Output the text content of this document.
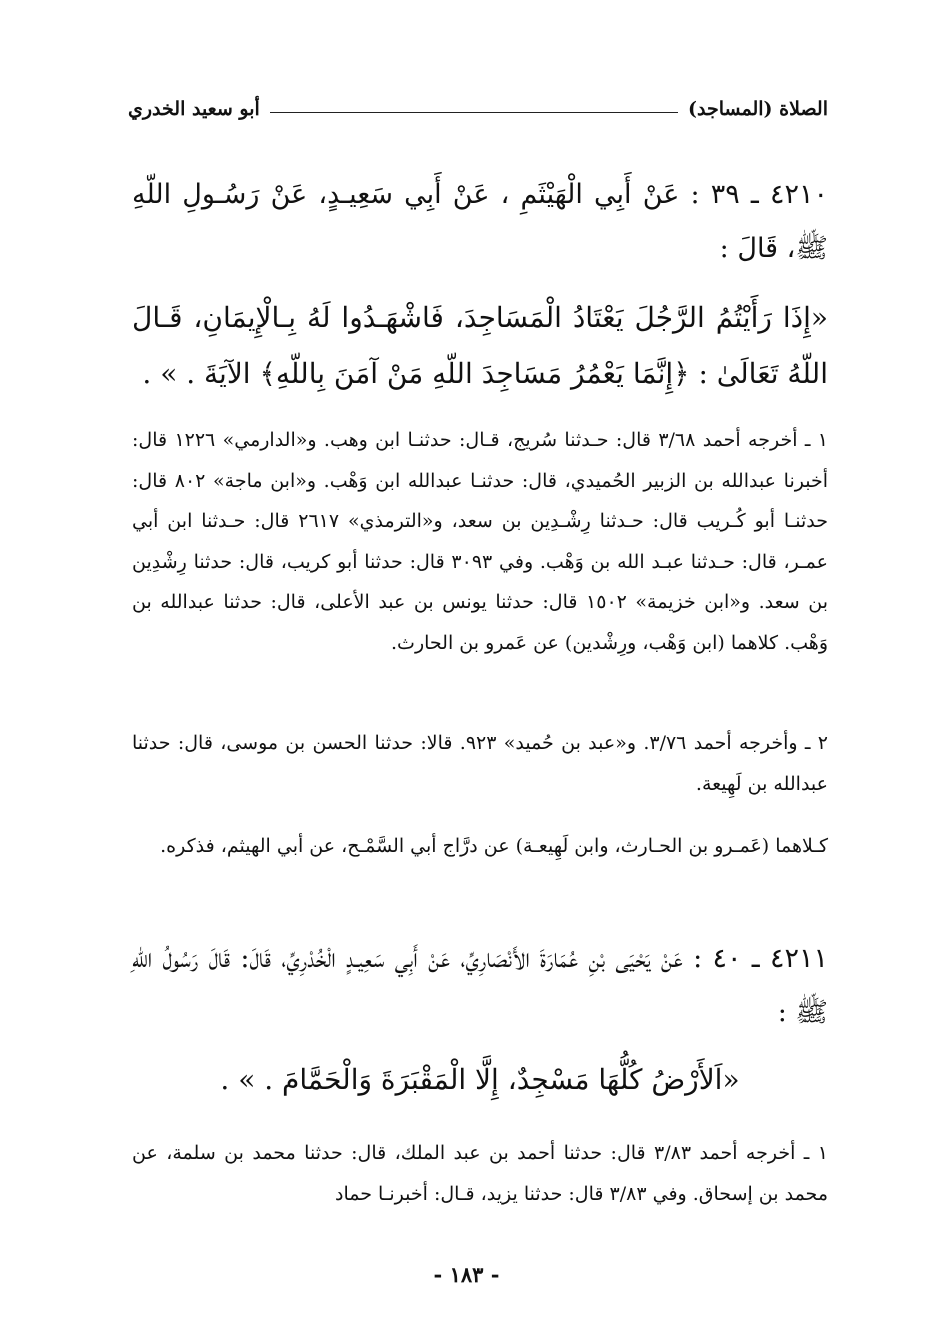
الصلاة (المساجد)
أبو سعيد الخدري
٤٢١٠ ـ ٣٩ : عَنْ أَبِي الْهَيْثَمِ ، عَنْ أَبِي سَعِيـدٍ، عَنْ رَسُـولِ اللّهِ ﷺ، قَالَ :
«إِذَا رَأَيْتُمُ الرَّجُلَ يَعْتَادُ الْمَسَاجِدَ، فَاشْهَـدُوا لَهُ بِـالْإِيمَانِ، قَـالَ اللّهُ تَعَالَىٰ : ﴿إِنَّمَا يَعْمُرُ مَسَاجِدَ اللّهِ مَنْ آمَنَ بِاللّهِ﴾ الآيَةَ . » .
١ ـ أخرجه أحمد ٣/٦٨ قال: حـدثنا سُريج، قـال: حدثنـا ابن وهب. و«الدارمي» ١٢٢٦ قال: أخبرنا عبدالله بن الزبير الحُميدي، قال: حدثنـا عبدالله ابن وَهْب. و«ابن ماجة» ٨٠٢ قال: حدثنـا أبو كُـريب قال: حـدثنا رِشْـدِين بن سعد، و«الترمذي» ٢٦١٧ قال: حـدثنا ابن أبي عمـر، قال: حـدثنا عبـد الله بن وَهْب. وفي ٣٠٩٣ قال: حدثنا أبو كريب، قال: حدثنا رِشْدِين بن سعد. و«ابن خزيمة» ١٥٠٢ قال: حدثنا يونس بن عبد الأعلى، قال: حدثنا عبدالله بن وَهْب. كلاهما (ابن وَهْب، ورِشْدين) عن عَمرو بن الحارث.
٢ ـ وأخرجه أحمد ٣/٧٦. و«عبد بن حُميد» ٩٢٣. قالا: حدثنا الحسن بن موسى، قال: حدثنا عبدالله بن لَهِيعة.
كـلاهما (عَمـرو بن الحـارث، وابن لَهِيعـة) عن درَّاج أبي السَّمْـح، عن أبي الهيثم، فذكره.
٤٢١١ ـ ٤٠ : عَنْ يَحْيَى بْنِ عُمَارَةَ الأَنْصَارِيِّ، عَنْ أَبِي سَعِيـدٍ الْخُدْرِيِّ، قَالَ: قَالَ رَسُولُ اللّهِ ﷺ :
«اَلأَرْضُ كُلُّهَا مَسْجِدٌ، إِلَّا الْمَقْبَرَةَ وَالْحَمَّامَ . » .
١ ـ أخرجه أحمد ٣/٨٣ قال: حدثنا أحمد بن عبد الملك، قال: حدثنا محمد بن سلمة، عن محمد بن إسحاق. وفي ٣/٨٣ قال: حدثنا يزيد، قـال: أخبرنـا حماد
- ١٨٣ -
